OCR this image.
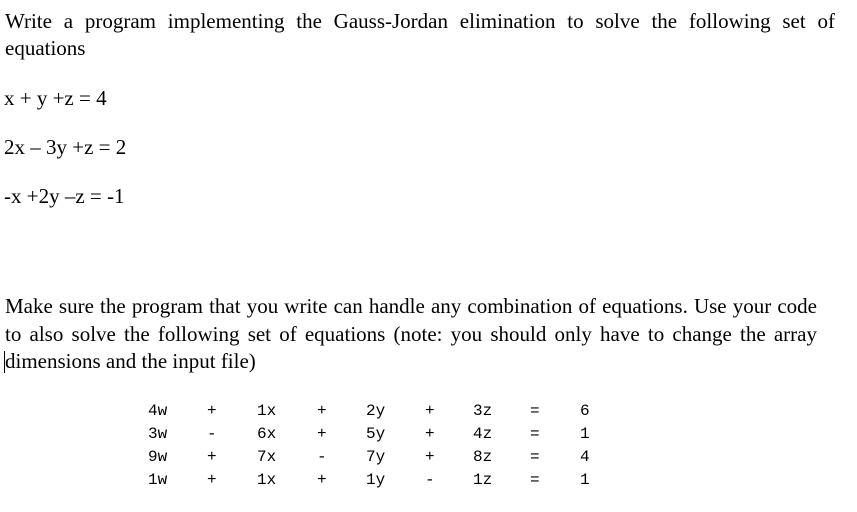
Write a program implementing the Gauss-Jordan elimination to solve the following set of equations
x + y +z = 4
2x – 3y +z = 2
-x +2y –z = -1
Make sure the program that you write can handle any combination of equations. Use your code to also solve the following set of equations (note: you should only have to change the array dimensions and the input file)
4w +	1x	+ 2y + 3z =	6
3w -	6x	+ 5y + 4z =	1
9w +	7x	- 7y + 8z =	4
1w +	1x	+ 1y - 1z =	1
